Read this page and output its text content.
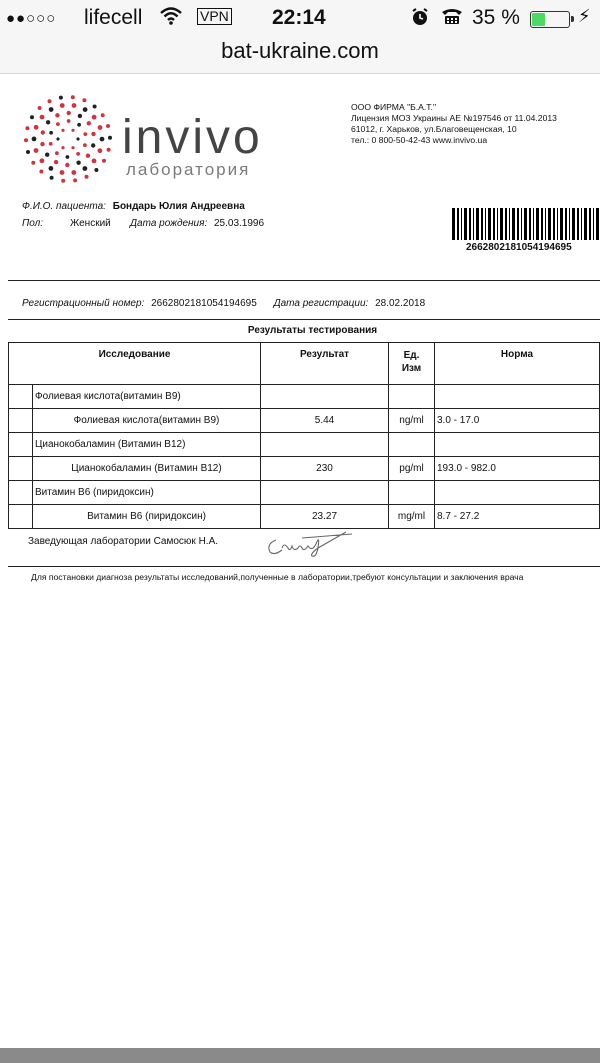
●●○○○ lifecell	VPN 22:14	35 %	⚡
bat-ukraine.com
invivo
лаборатория
ООО ФИРМА "Б.А.Т."
Лицензия МОЗ Украины АЕ №197546 от 11.04.2013
61012, г. Харьков, ул.Благовещенская, 10
тел.: 0 800-50-42-43 www.invivo.ua
Ф.И.О. пациента: Бондарь Юлия Андреевна
Пол:	Женский Дата рождения: 25.03.1996
2662802181054194695
Регистрационный номер: 2662802181054194695 Дата регистрации: 28.02.2018
Результаты тестирования
Исследование		Результат	Ед. Изм	Норма
	Фолиевая кислота(витамин В9)			
	Фолиевая кислота(витамин В9)	5.44	ng/ml	3.0 - 17.0
	Цианокобаламин (Витамин В12)			
	Цианокобаламин (Витамин В12)	230	pg/ml	193.0 - 982.0
	Витамин В6 (пиридоксин)			
	Витамин В6 (пиридоксин)	23.27	mg/ml	8.7 - 27.2
Заведующая лаборатории Самосюк Н.А.
Для постановки диагноза результаты исследований,полученные в лаборатории,требуют консультации и заключения врача
